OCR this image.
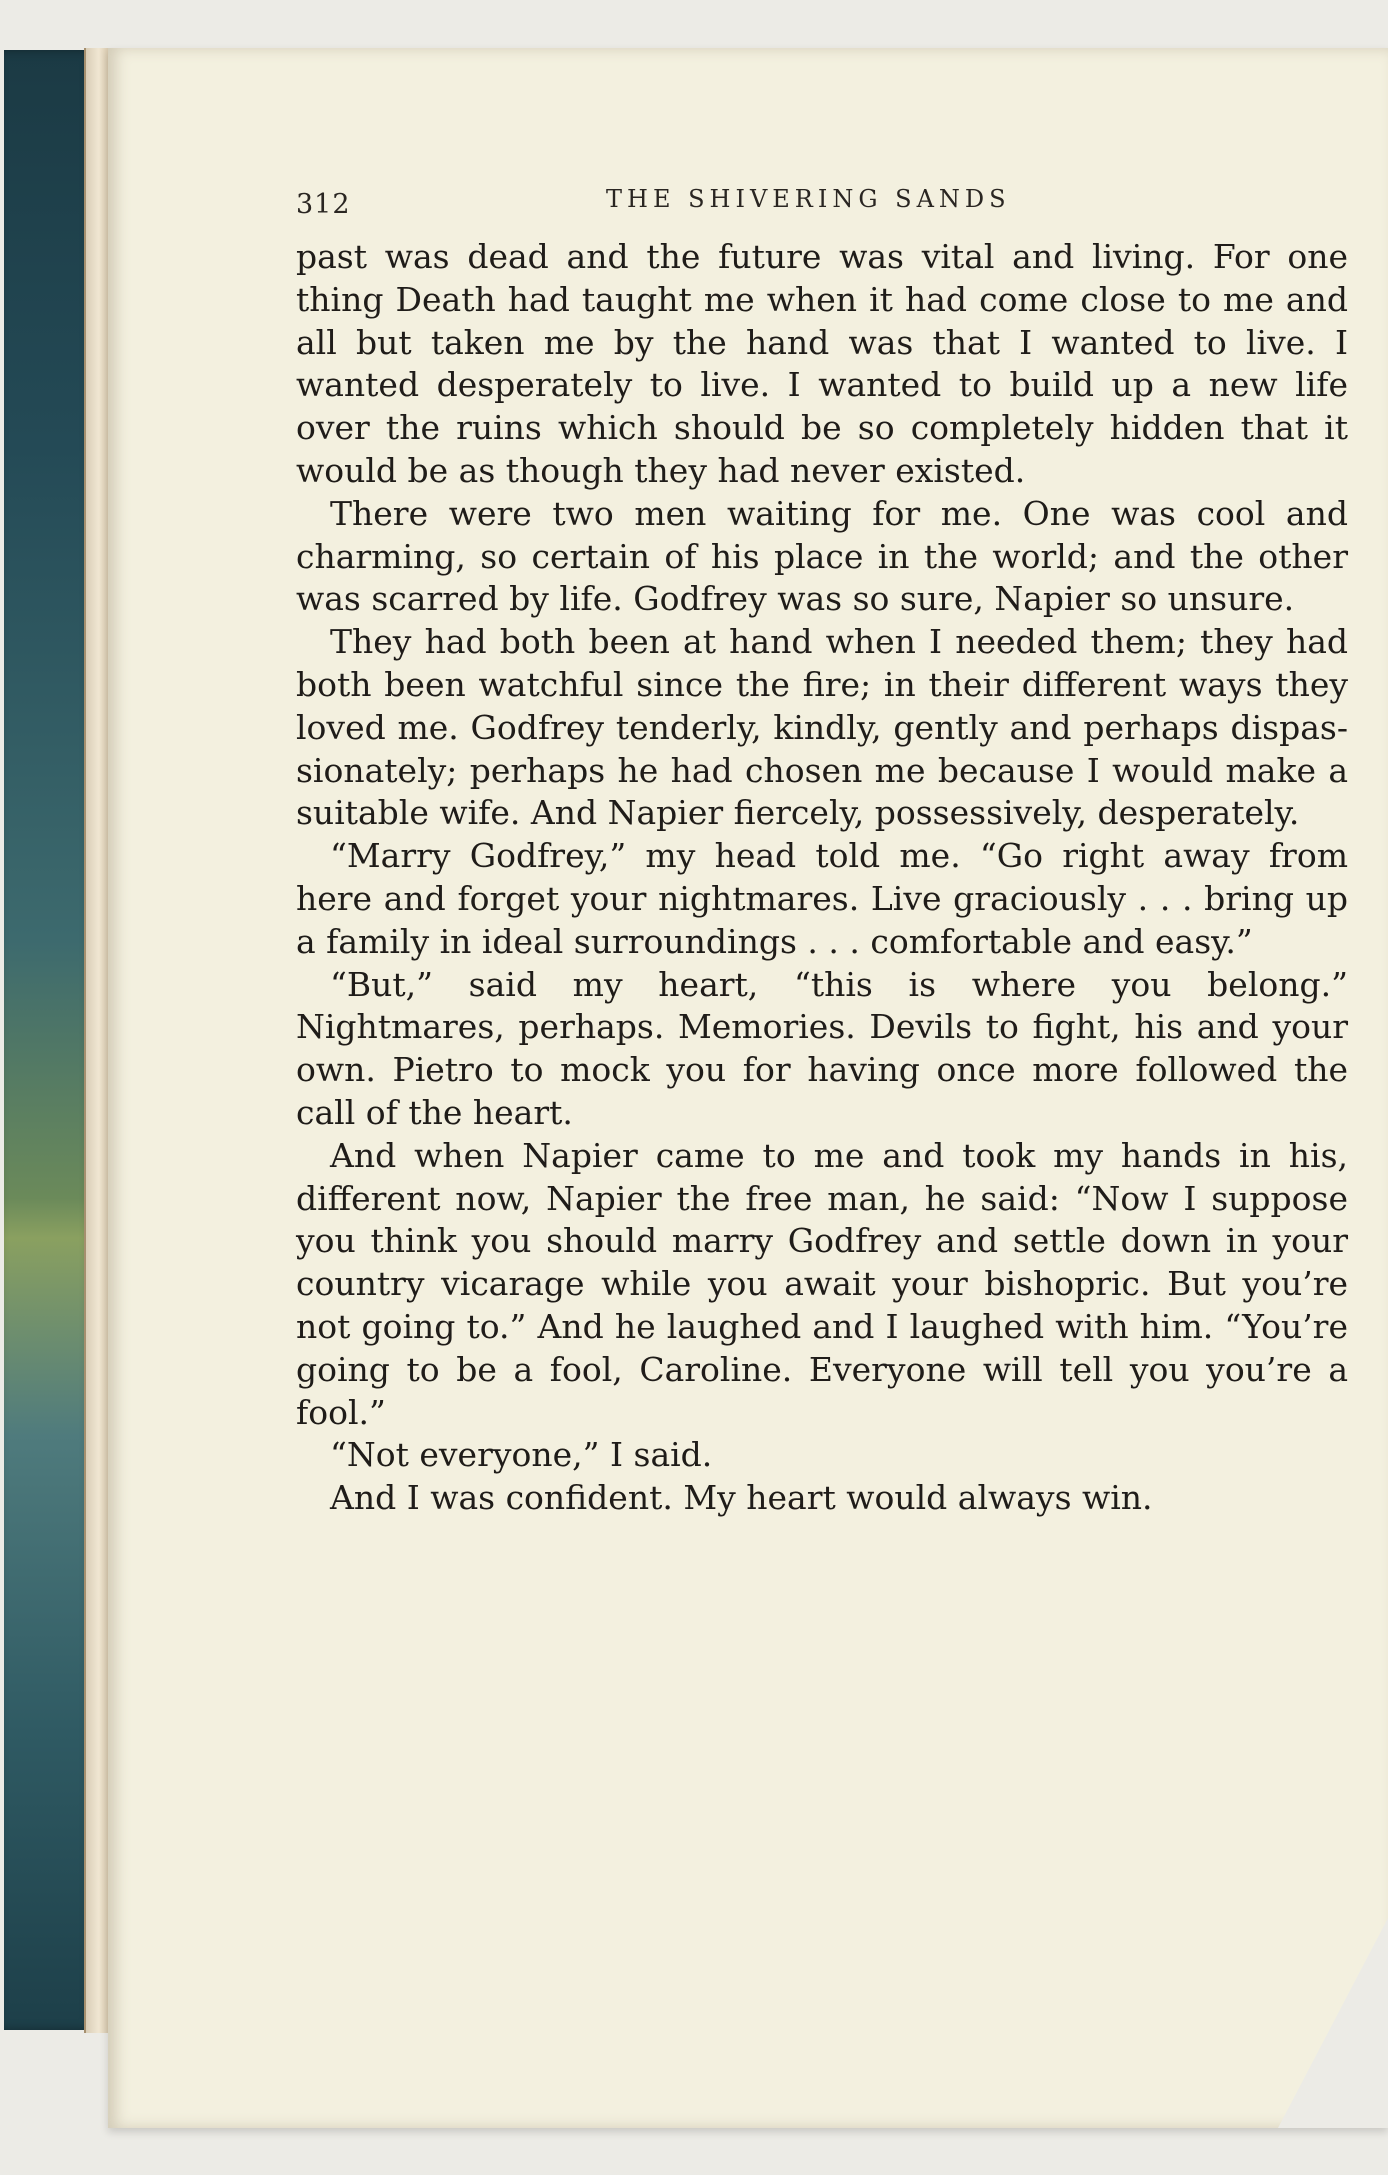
312	THE SHIVERING SANDS

past was dead and the future was vital and living. For one thing Death had taught me when it had come close to me and all but taken me by the hand was that I wanted to live. I wanted desperately to live. I wanted to build up a new life over the ruins which should be so completely hidden that it would be as though they had never existed.

There were two men waiting for me. One was cool and charming, so certain of his place in the world; and the other was scarred by life. Godfrey was so sure, Napier so unsure.

They had both been at hand when I needed them; they had both been watchful since the fire; in their different ways they loved me. Godfrey tenderly, kindly, gently and perhaps dispassionately; perhaps he had chosen me because I would make a suitable wife. And Napier fiercely, possessively, desperately.

“Marry Godfrey,” my head told me. “Go right away from here and forget your nightmares. Live graciously . . . bring up a family in ideal surroundings . . . comfortable and easy.”

“But,” said my heart, “this is where you belong.” Nightmares, perhaps. Memories. Devils to fight, his and your own. Pietro to mock you for having once more followed the call of the heart.

And when Napier came to me and took my hands in his, different now, Napier the free man, he said: “Now I suppose you think you should marry Godfrey and settle down in your country vicarage while you await your bishopric. But you’re not going to.” And he laughed and I laughed with him. “You’re going to be a fool, Caroline. Everyone will tell you you’re a fool.”

“Not everyone,” I said.

And I was confident. My heart would always win.
